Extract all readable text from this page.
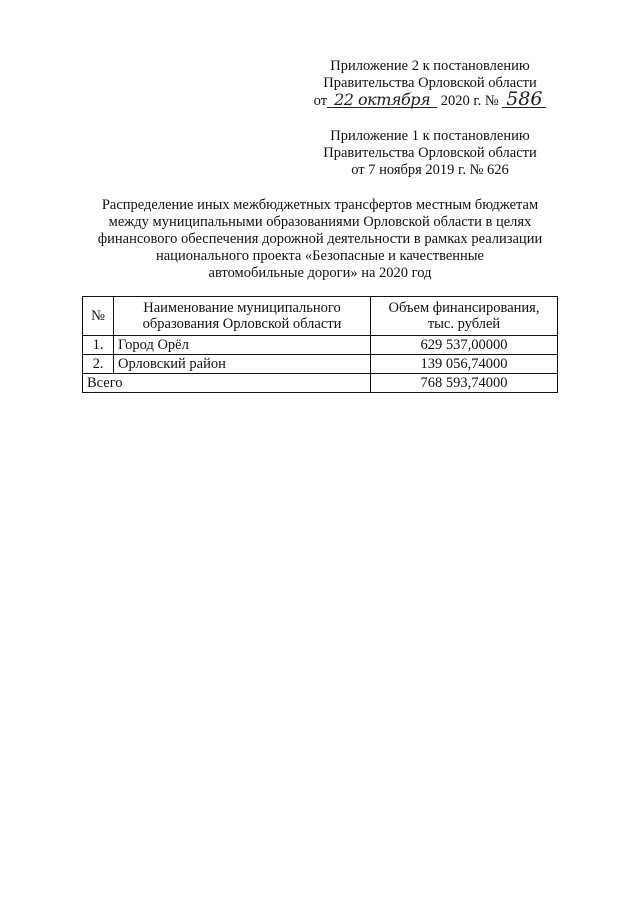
Приложение 2 к постановлению
Правительства Орловской области
от 22 октября 2020 г. № 586
Приложение 1 к постановлению
Правительства Орловской области
от 7 ноября 2019 г. № 626
Распределение иных межбюджетных трансфертов местным бюджетам
между муниципальными образованиями Орловской области в целях
финансового обеспечения дорожной деятельности в рамках реализации
национального проекта «Безопасные и качественные
автомобильные дороги» на 2020 год
№	Наименование муниципального образования Орловской области	Объем финансирования, тыс. рублей
1.	Город Орёл	629 537,00000
2.	Орловский район	139 056,74000
Всего		768 593,74000
